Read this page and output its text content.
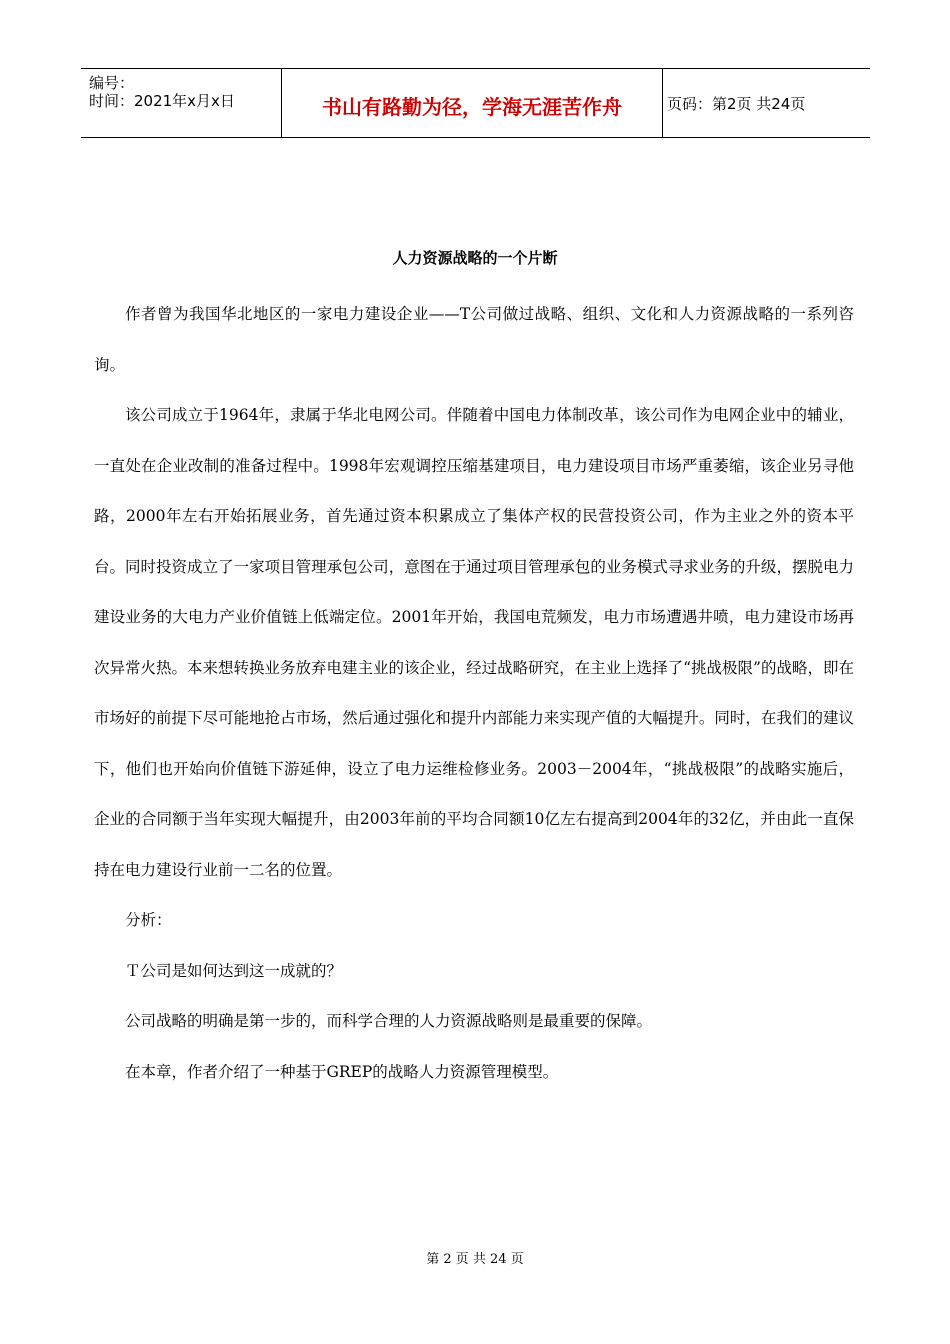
编号：
时间：2021年x月x日	书山有路勤为径，学海无涯苦作舟	页码：第2页 共24页
人力资源战略的一个片断

作者曾为我国华北地区的一家电力建设企业——T公司做过战略、组织、文化和人力资源战略的一系列咨询。

该公司成立于1964年，隶属于华北电网公司。伴随着中国电力体制改革，该公司作为电网企业中的辅业，一直处在企业改制的准备过程中。1998年宏观调控压缩基建项目，电力建设项目市场严重萎缩，该企业另寻他路，2000年左右开始拓展业务，首先通过资本积累成立了集体产权的民营投资公司，作为主业之外的资本平台。同时投资成立了一家项目管理承包公司，意图在于通过项目管理承包的业务模式寻求业务的升级，摆脱电力建设业务的大电力产业价值链上低端定位。2001年开始，我国电荒频发，电力市场遭遇井喷，电力建设市场再次异常火热。本来想转换业务放弃电建主业的该企业，经过战略研究，在主业上选择了“挑战极限”的战略，即在市场好的前提下尽可能地抢占市场，然后通过强化和提升内部能力来实现产值的大幅提升。同时，在我们的建议下，他们也开始向价值链下游延伸，设立了电力运维检修业务。2003－2004年，“挑战极限”的战略实施后，企业的合同额于当年实现大幅提升，由2003年前的平均合同额10亿左右提高到2004年的32亿，并由此一直保持在电力建设行业前一二名的位置。

分析：

Ｔ公司是如何达到这一成就的？

公司战略的明确是第一步的，而科学合理的人力资源战略则是最重要的保障。

在本章，作者介绍了一种基于GREP的战略人力资源管理模型。

第 2 页 共 24 页
